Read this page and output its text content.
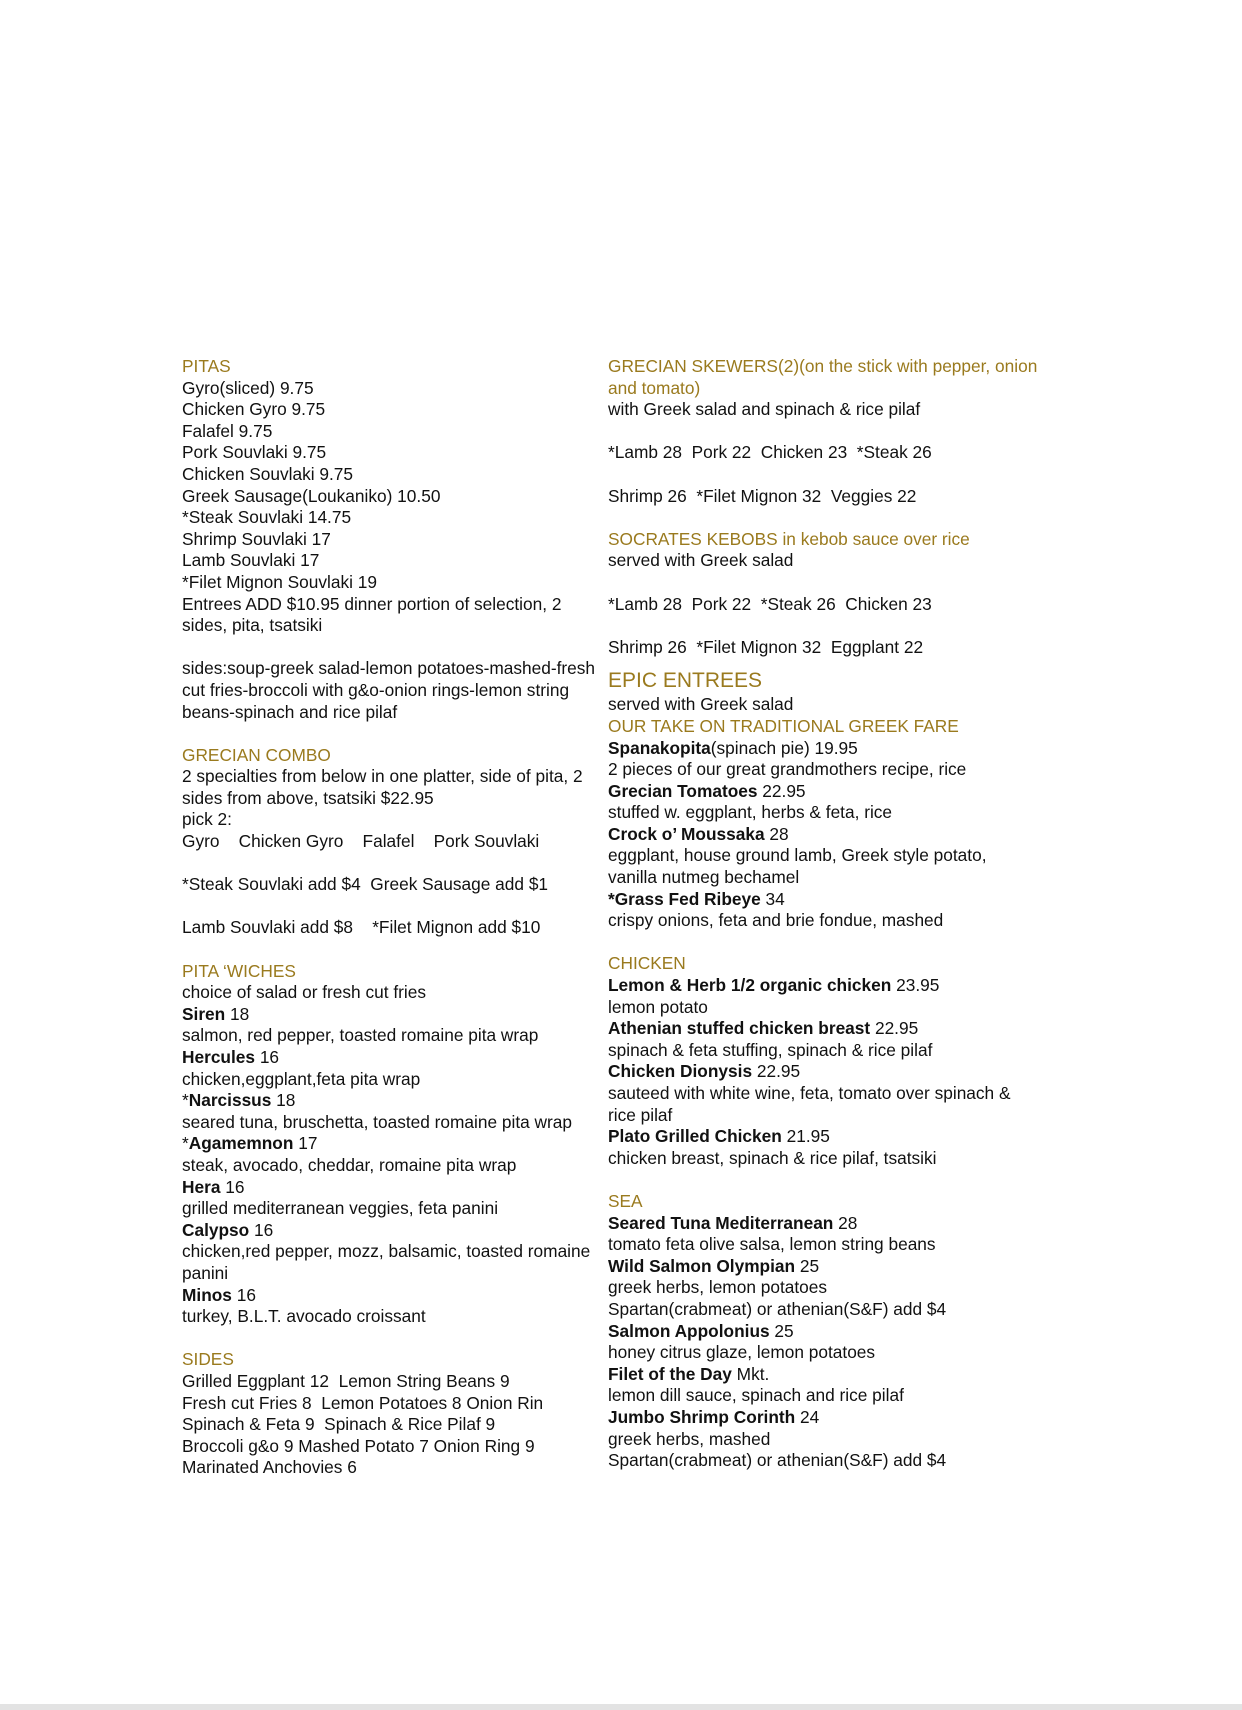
PITAS
Gyro(sliced) 9.75
Chicken Gyro 9.75
Falafel 9.75
Pork Souvlaki 9.75
Chicken Souvlaki 9.75
Greek Sausage(Loukaniko) 10.50
*Steak Souvlaki 14.75
Shrimp Souvlaki 17
Lamb Souvlaki 17
*Filet Mignon Souvlaki 19
Entrees ADD $10.95 dinner portion of selection, 2 sides, pita, tsatsiki
sides:soup-greek salad-lemon potatoes-mashed-fresh cut fries-broccoli with g&o-onion rings-lemon string beans-spinach and rice pilaf
GRECIAN COMBO
2 specialties from below in one platter, side of pita, 2 sides from above, tsatsiki $22.95
pick 2:
Gyro    Chicken Gyro    Falafel    Pork Souvlaki
*Steak Souvlaki add $4  Greek Sausage add $1
Lamb Souvlaki add $8    *Filet Mignon add $10
PITA ‘WICHES
choice of salad or fresh cut fries
Siren 18
salmon, red pepper, toasted romaine pita wrap
Hercules 16
chicken,eggplant,feta pita wrap
*Narcissus 18
seared tuna, bruschetta, toasted romaine pita wrap
*Agamemnon 17
steak, avocado, cheddar, romaine pita wrap
Hera 16
grilled mediterranean veggies, feta panini
Calypso 16
chicken,red pepper, mozz, balsamic, toasted romaine panini
Minos 16
turkey, B.L.T. avocado croissant
SIDES
Grilled Eggplant 12  Lemon String Beans 9
Fresh cut Fries 8  Lemon Potatoes 8 Onion Rin
Spinach & Feta 9  Spinach & Rice Pilaf 9
Broccoli g&o 9 Mashed Potato 7 Onion Ring 9
Marinated Anchovies 6
GRECIAN SKEWERS(2)(on the stick with pepper, onion and tomato)
with Greek salad and spinach & rice pilaf
*Lamb 28  Pork 22  Chicken 23  *Steak 26
Shrimp 26  *Filet Mignon 32  Veggies 22
SOCRATES KEBOBS in kebob sauce over rice
served with Greek salad
*Lamb 28  Pork 22  *Steak 26  Chicken 23
Shrimp 26  *Filet Mignon 32  Eggplant 22
EPIC ENTREES
served with Greek salad
OUR TAKE ON TRADITIONAL GREEK FARE
Spanakopita(spinach pie) 19.95
2 pieces of our great grandmothers recipe, rice
Grecian Tomatoes 22.95
stuffed w. eggplant, herbs & feta, rice
Crock o’ Moussaka 28
eggplant, house ground lamb, Greek style potato, vanilla nutmeg bechamel
*Grass Fed Ribeye 34
crispy onions, feta and brie fondue, mashed
CHICKEN
Lemon & Herb 1/2 organic chicken 23.95
lemon potato
Athenian stuffed chicken breast 22.95
spinach & feta stuffing, spinach & rice pilaf
Chicken Dionysis 22.95
sauteed with white wine, feta, tomato over spinach & rice pilaf
Plato Grilled Chicken 21.95
chicken breast, spinach & rice pilaf, tsatsiki
SEA
Seared Tuna Mediterranean 28
tomato feta olive salsa, lemon string beans
Wild Salmon Olympian 25
greek herbs, lemon potatoes
Spartan(crabmeat) or athenian(S&F) add $4
Salmon Appolonius 25
honey citrus glaze, lemon potatoes
Filet of the Day Mkt.
lemon dill sauce, spinach and rice pilaf
Jumbo Shrimp Corinth 24
greek herbs, mashed
Spartan(crabmeat) or athenian(S&F) add $4
